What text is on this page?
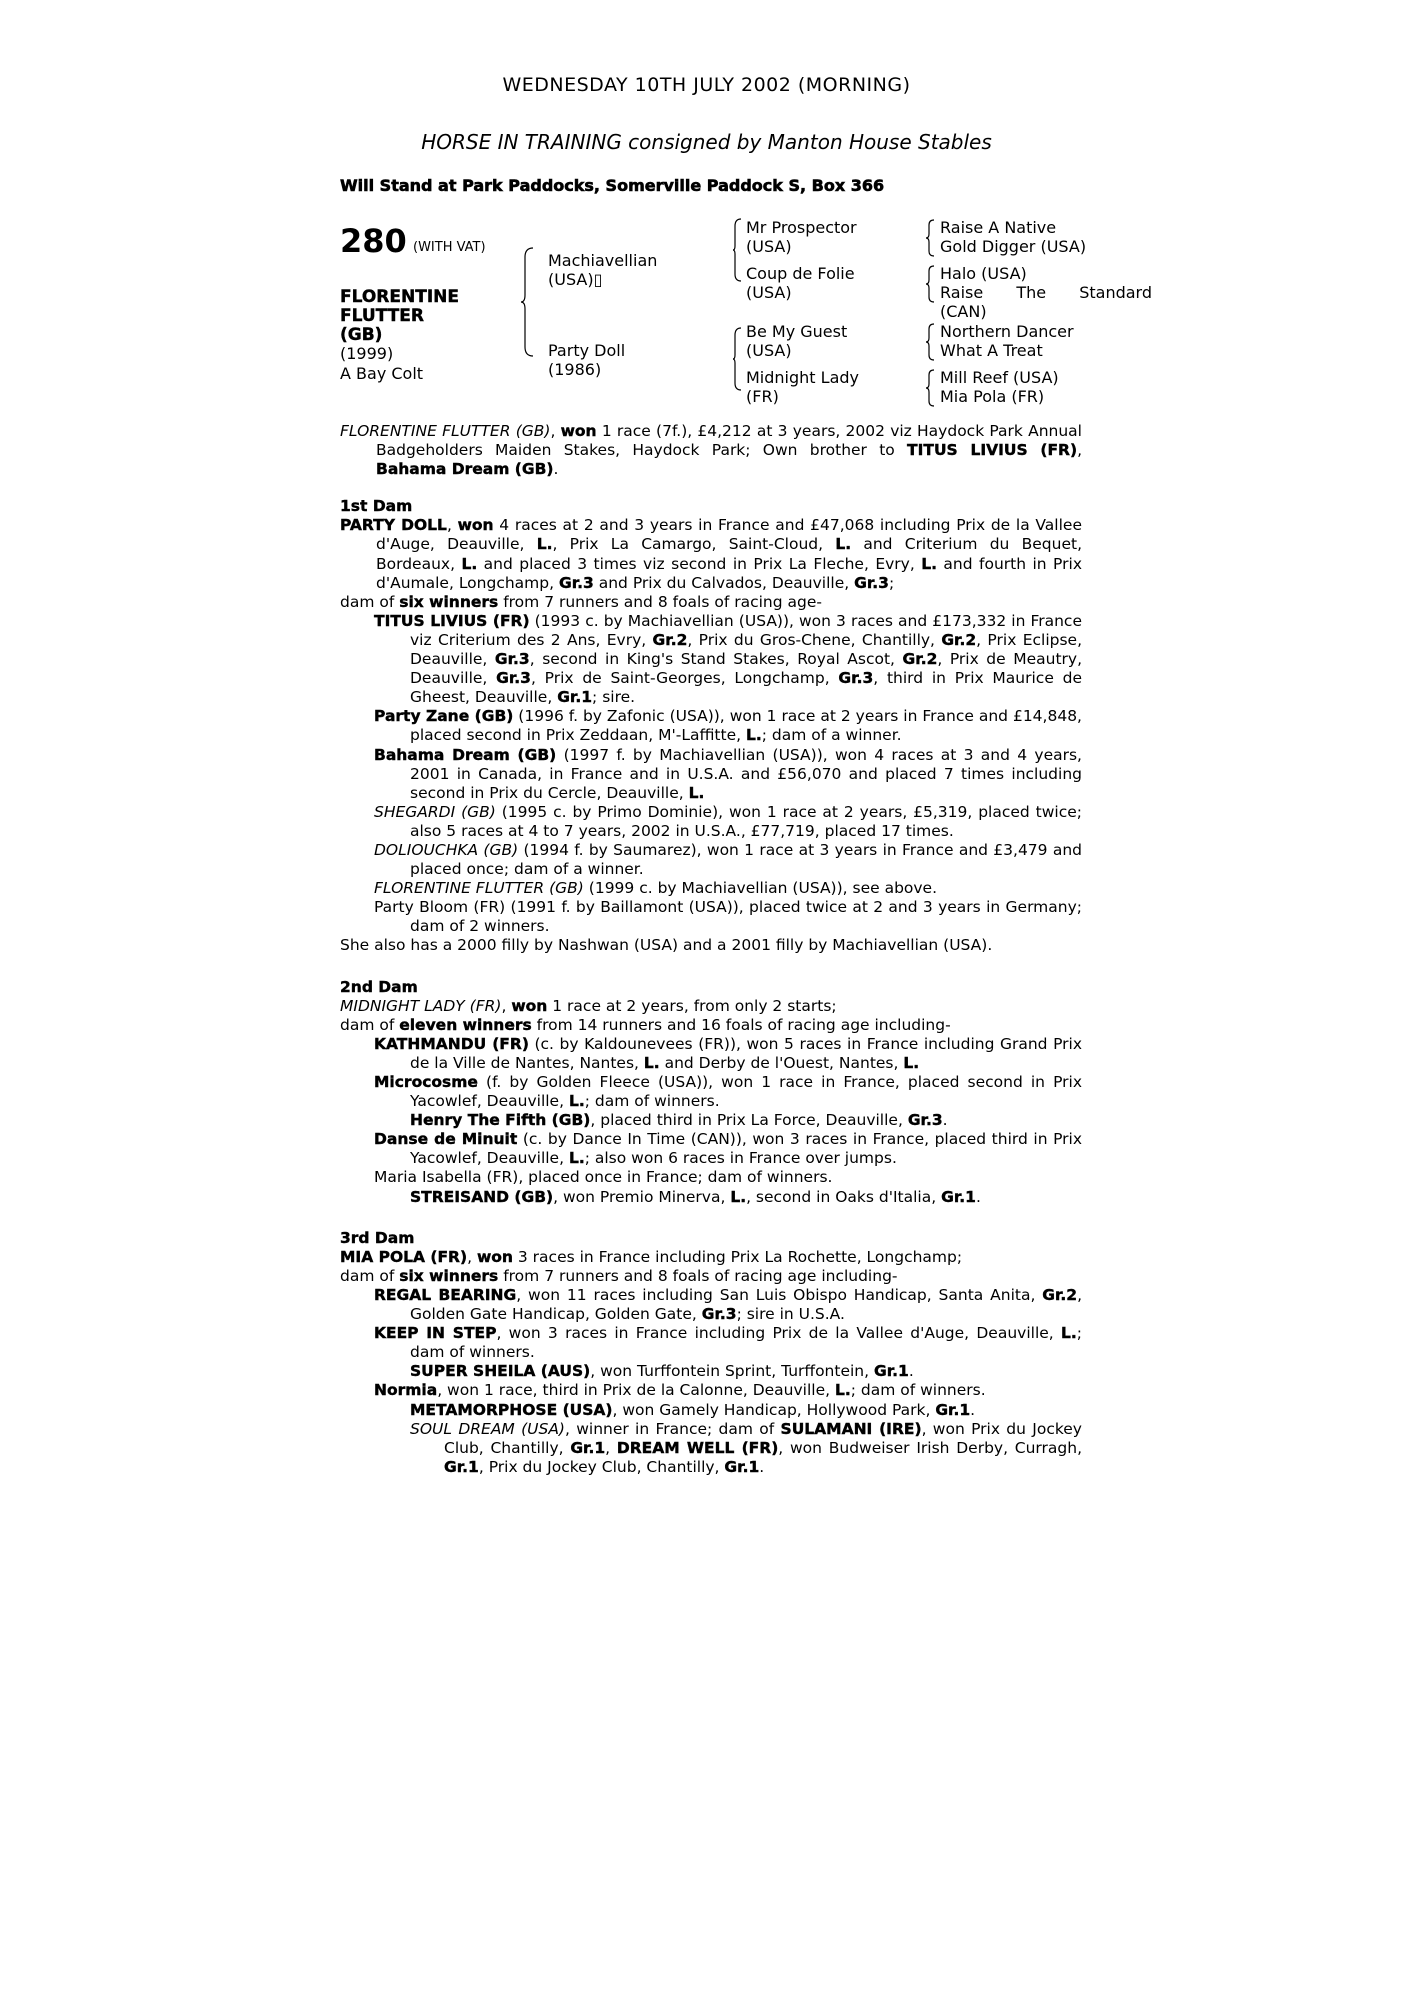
WEDNESDAY 10TH JULY 2002 (MORNING)
HORSE IN TRAINING consigned by Manton House Stables
Will Stand at Park Paddocks, Somerville Paddock S, Box 366
280 (WITH VAT)
FLORENTINE
FLUTTER
(GB)
(1999)
A Bay Colt
Machiavellian
(USA)▯
Party Doll
(1986)
Mr Prospector
(USA)
Coup de Folie
(USA)
Be My Guest
(USA)
Midnight Lady
(FR)
Raise A Native
Gold Digger (USA)
Halo (USA)
Raise The Standard
(CAN)
Northern Dancer
What A Treat
Mill Reef (USA)
Mia Pola (FR)

FLORENTINE FLUTTER (GB), won 1 race (7f.), £4,212 at 3 years, 2002 viz Haydock Park Annual Badgeholders Maiden Stakes, Haydock Park; Own brother to TITUS LIVIUS (FR), Bahama Dream (GB).

1st Dam

PARTY DOLL, won 4 races at 2 and 3 years in France and £47,068 including Prix de la Vallee d'Auge, Deauville, L., Prix La Camargo, Saint-Cloud, L. and Criterium du Bequet, Bordeaux, L. and placed 3 times viz second in Prix La Fleche, Evry, L. and fourth in Prix d'Aumale, Longchamp, Gr.3 and Prix du Calvados, Deauville, Gr.3;

dam of six winners from 7 runners and 8 foals of racing age-

TITUS LIVIUS (FR) (1993 c. by Machiavellian (USA)), won 3 races and £173,332 in France viz Criterium des 2 Ans, Evry, Gr.2, Prix du Gros-Chene, Chantilly, Gr.2, Prix Eclipse, Deauville, Gr.3, second in King's Stand Stakes, Royal Ascot, Gr.2, Prix de Meautry, Deauville, Gr.3, Prix de Saint-Georges, Longchamp, Gr.3, third in Prix Maurice de Gheest, Deauville, Gr.1; sire.

Party Zane (GB) (1996 f. by Zafonic (USA)), won 1 race at 2 years in France and £14,848, placed second in Prix Zeddaan, M'-Laffitte, L.; dam of a winner.

Bahama Dream (GB) (1997 f. by Machiavellian (USA)), won 4 races at 3 and 4 years, 2001 in Canada, in France and in U.S.A. and £56,070 and placed 7 times including second in Prix du Cercle, Deauville, L.

SHEGARDI (GB) (1995 c. by Primo Dominie), won 1 race at 2 years, £5,319, placed twice; also 5 races at 4 to 7 years, 2002 in U.S.A., £77,719, placed 17 times.

DOLIOUCHKA (GB) (1994 f. by Saumarez), won 1 race at 3 years in France and £3,479 and placed once; dam of a winner.

FLORENTINE FLUTTER (GB) (1999 c. by Machiavellian (USA)), see above.

Party Bloom (FR) (1991 f. by Baillamont (USA)), placed twice at 2 and 3 years in Germany; dam of 2 winners.

She also has a 2000 filly by Nashwan (USA) and a 2001 filly by Machiavellian (USA).

2nd Dam

MIDNIGHT LADY (FR), won 1 race at 2 years, from only 2 starts;

dam of eleven winners from 14 runners and 16 foals of racing age including-

KATHMANDU (FR) (c. by Kaldounevees (FR)), won 5 races in France including Grand Prix de la Ville de Nantes, Nantes, L. and Derby de l'Ouest, Nantes, L.

Microcosme (f. by Golden Fleece (USA)), won 1 race in France, placed second in Prix Yacowlef, Deauville, L.; dam of winners.

Henry The Fifth (GB), placed third in Prix La Force, Deauville, Gr.3.

Danse de Minuit (c. by Dance In Time (CAN)), won 3 races in France, placed third in Prix Yacowlef, Deauville, L.; also won 6 races in France over jumps.

Maria Isabella (FR), placed once in France; dam of winners.

STREISAND (GB), won Premio Minerva, L., second in Oaks d'Italia, Gr.1.

3rd Dam

MIA POLA (FR), won 3 races in France including Prix La Rochette, Longchamp;

dam of six winners from 7 runners and 8 foals of racing age including-

REGAL BEARING, won 11 races including San Luis Obispo Handicap, Santa Anita, Gr.2, Golden Gate Handicap, Golden Gate, Gr.3; sire in U.S.A.

KEEP IN STEP, won 3 races in France including Prix de la Vallee d'Auge, Deauville, L.; dam of winners.

SUPER SHEILA (AUS), won Turffontein Sprint, Turffontein, Gr.1.

Normia, won 1 race, third in Prix de la Calonne, Deauville, L.; dam of winners.

METAMORPHOSE (USA), won Gamely Handicap, Hollywood Park, Gr.1.

SOUL DREAM (USA), winner in France; dam of SULAMANI (IRE), won Prix du Jockey Club, Chantilly, Gr.1, DREAM WELL (FR), won Budweiser Irish Derby, Curragh, Gr.1, Prix du Jockey Club, Chantilly, Gr.1.
